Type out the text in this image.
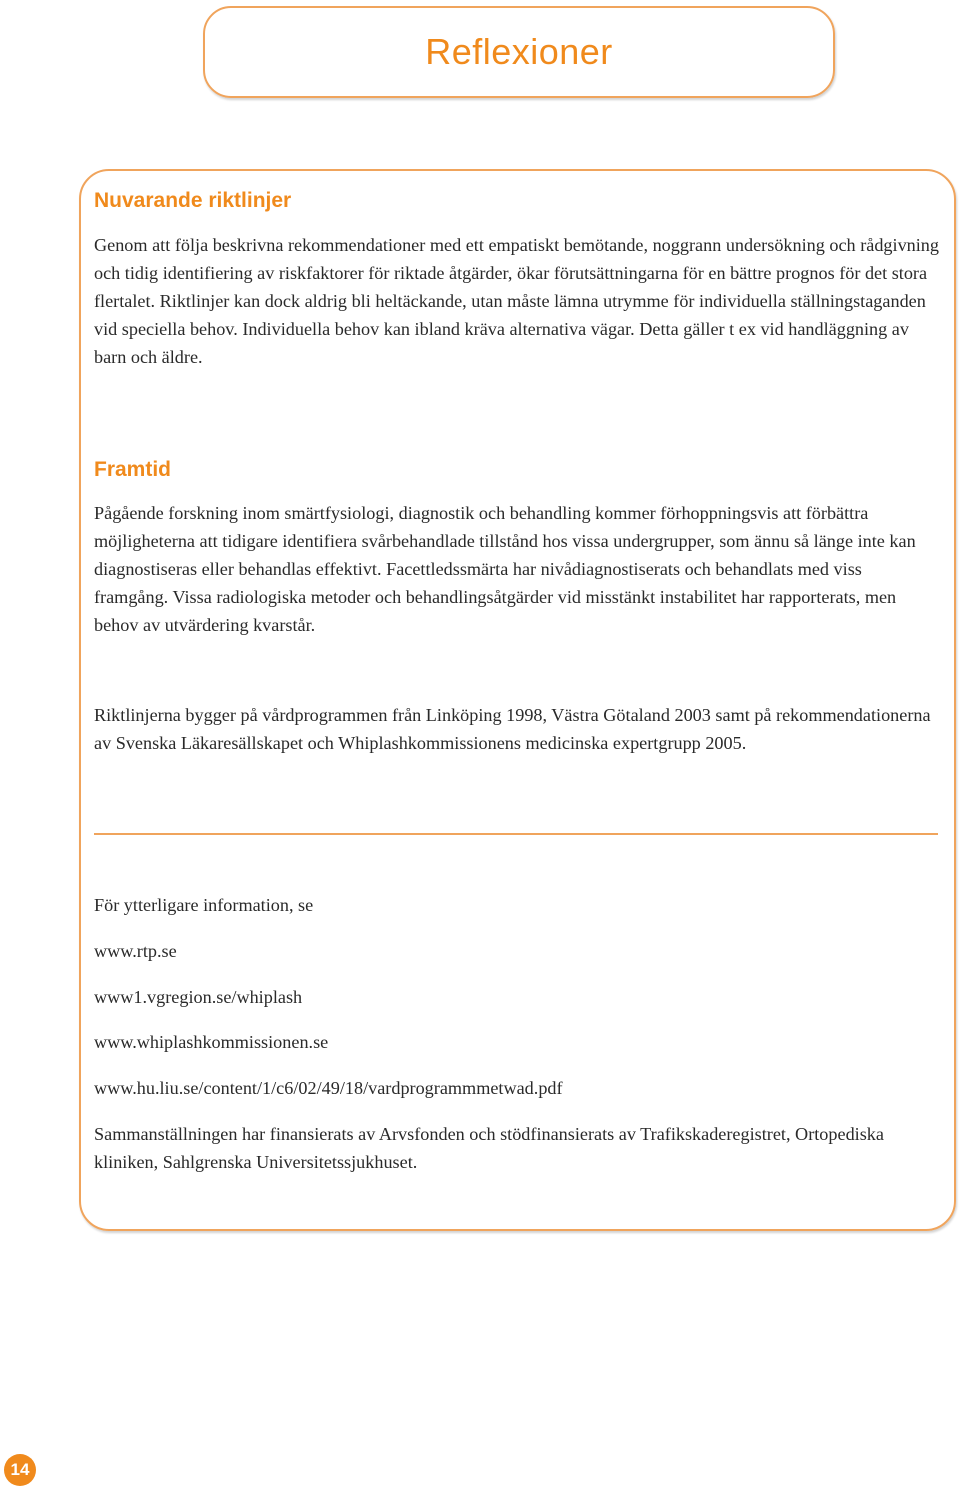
Reflexioner
Nuvarande riktlinjer

Genom att följa beskrivna rekommendationer med ett empatiskt bemötande, noggrann undersökning och rådgivning och tidig identifiering av riskfaktorer för riktade åtgärder, ökar förutsättningarna för en bättre prognos för det stora flertalet. Riktlinjer kan dock aldrig bli heltäckande, utan måste lämna utrymme för individuella ställningstaganden vid speciella behov. Individuella behov kan ibland kräva alternativa vägar. Detta gäller t ex vid handläggning av barn och äldre.

Framtid

Pågående forskning inom smärtfysiologi, diagnostik och behandling kommer förhoppningsvis att förbättra möjligheterna att tidigare identifiera svårbehandlade tillstånd hos vissa undergrupper, som ännu så länge inte kan diagnostiseras eller behandlas effektivt. Facettledssmärta har nivådiagnostiserats och behandlats med viss framgång. Vissa radiologiska metoder och behandlingsåtgärder vid misstänkt instabilitet har rapporterats, men behov av utvärdering kvarstår.

Riktlinjerna bygger på vårdprogrammen från Linköping 1998, Västra Götaland 2003 samt på rekommendationerna av Svenska Läkaresällskapet och Whiplashkommissionens medicinska expertgrupp 2005.

För ytterligare information, se
www.rtp.se
www1.vgregion.se/whiplash
www.whiplashkommissionen.se
www.hu.liu.se/content/1/c6/02/49/18/vardprogrammmetwad.pdf

Sammanställningen har finansierats av Arvsfonden och stödfinansierats av Trafikskaderegistret, Ortopediska kliniken, Sahlgrenska Universitetssjukhuset.

14
